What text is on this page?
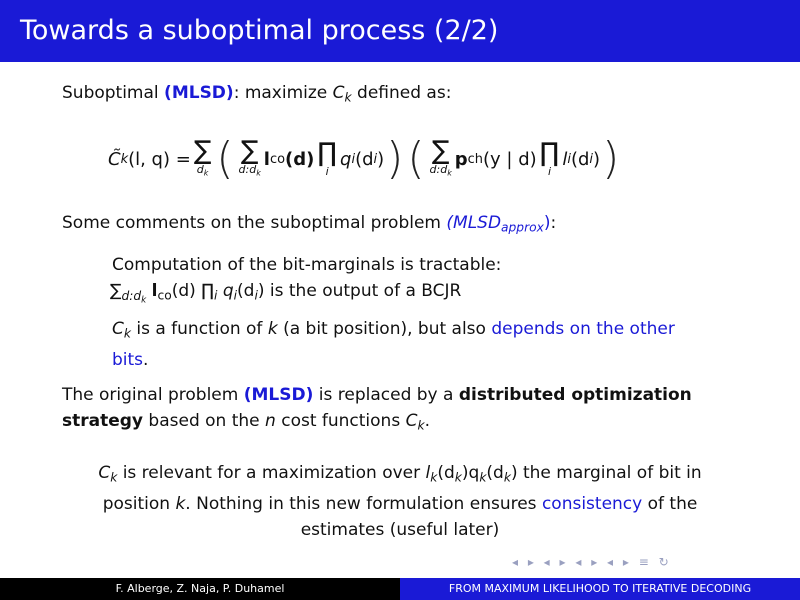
Towards a suboptimal process (2/2)
Suboptimal (MLSD): maximize $C_k$ defined as:
C̃ k (l, q) = ∑
$d_k$ ( ∑
$d:d_k$
l co (d) ∏
i
q i (d i ) ) ( ∑
$d:d_k$
p ch (y | d) ∏
i
l i (d i ) )
Some comments on the suboptimal problem $(MLSD_{approx})$:
Computation of the bit-marginals is tractable:
$\sum_{d:d_k}$ $l_{co}(d)$ $\prod_i$ $q_i(d_i)$ is the output of a BCJR
$C_k$ is a function of k (a bit position), but also depends on the other
bits.
The original problem (MLSD) is replaced by a distributed optimization
strategy based on the n cost functions $C_k$.
$C_k$ is relevant for a maximization over $l_k(d_k)q_k(d_k)$ the marginal of bit in
position k. Nothing in this new formulation ensures consistency of the
estimates (useful later)
◂ ▸ ◂ ▸ ◂ ▸ ◂ ▸ ≡ ↻
F. Alberge, Z. Naja, P. Duhamel	FROM MAXIMUM LIKELIHOOD TO ITERATIVE DECODING
